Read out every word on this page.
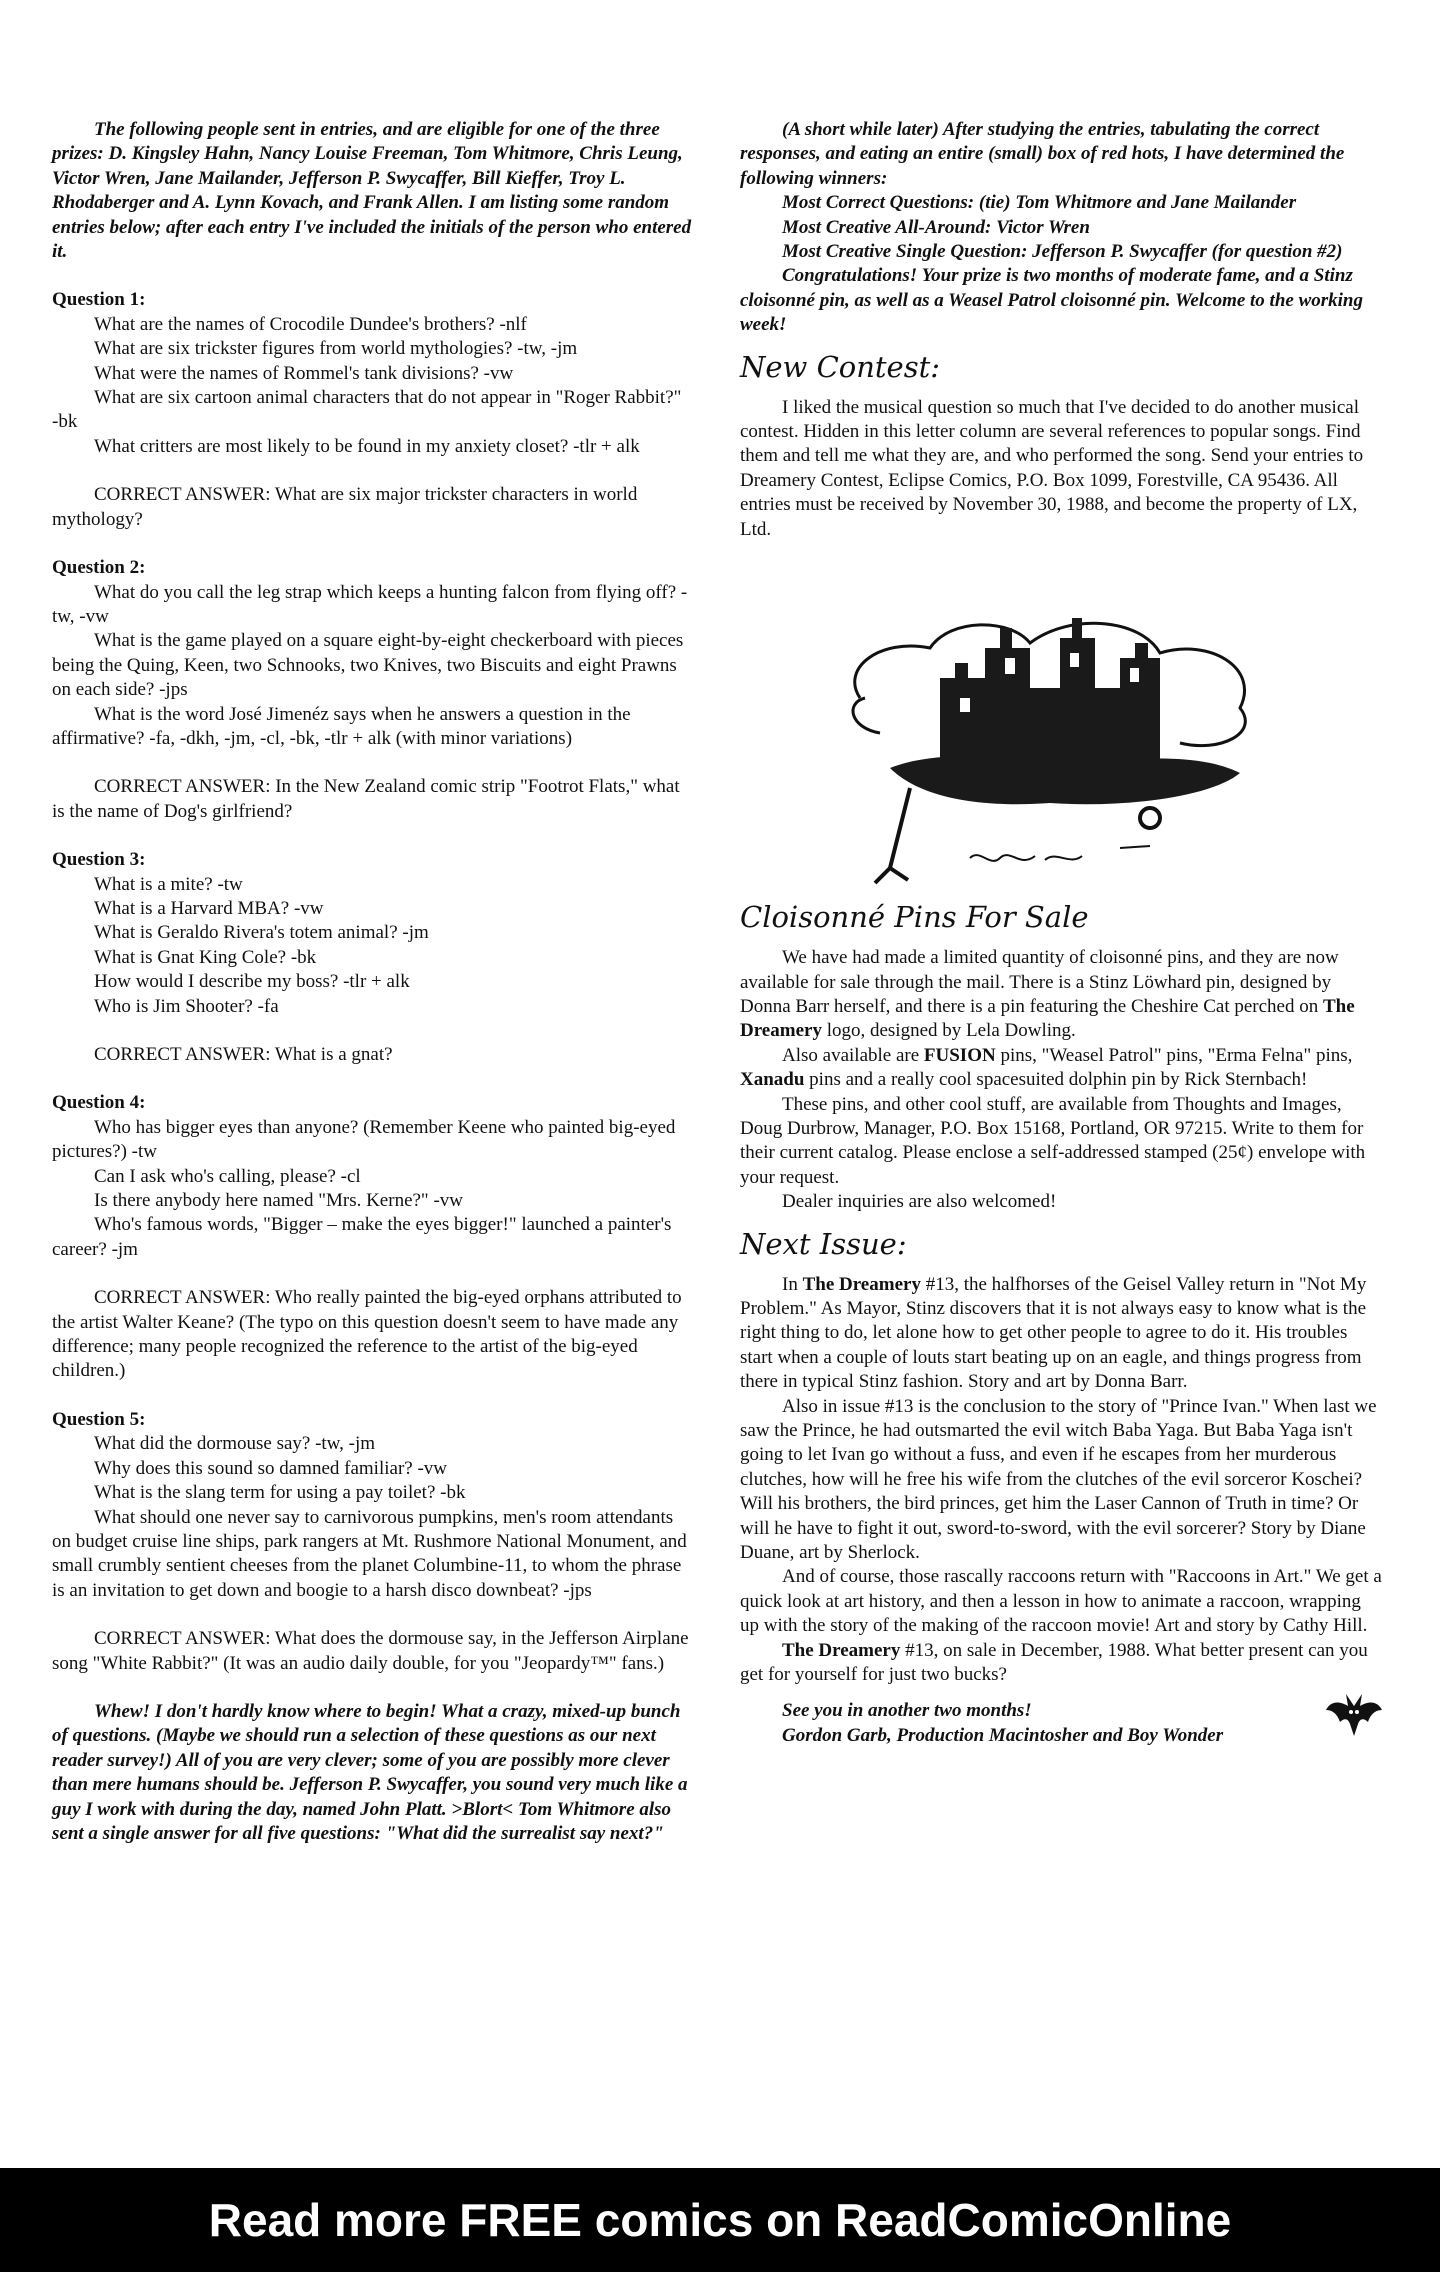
The following people sent in entries, and are eligible for one of the three prizes: D. Kingsley Hahn, Nancy Louise Freeman, Tom Whitmore, Chris Leung, Victor Wren, Jane Mailander, Jefferson P. Swycaffer, Bill Kieffer, Troy L. Rhodaberger and A. Lynn Kovach, and Frank Allen. I am listing some random entries below; after each entry I've included the initials of the person who entered it.

Question 1:

What are the names of Crocodile Dundee's brothers? -nlf

What are six trickster figures from world mythologies? -tw, -jm

What were the names of Rommel's tank divisions? -vw

What are six cartoon animal characters that do not appear in "Roger Rabbit?" -bk

What critters are most likely to be found in my anxiety closet? -tlr + alk

CORRECT ANSWER: What are six major trickster characters in world mythology?

Question 2:

What do you call the leg strap which keeps a hunting falcon from flying off? -tw, -vw

What is the game played on a square eight-by-eight checkerboard with pieces being the Quing, Keen, two Schnooks, two Knives, two Biscuits and eight Prawns on each side? -jps

What is the word José Jimenéz says when he answers a question in the affirmative? -fa, -dkh, -jm, -cl, -bk, -tlr + alk (with minor variations)

CORRECT ANSWER: In the New Zealand comic strip "Footrot Flats," what is the name of Dog's girlfriend?

Question 3:

What is a mite? -tw

What is a Harvard MBA? -vw

What is Geraldo Rivera's totem animal? -jm

What is Gnat King Cole? -bk

How would I describe my boss? -tlr + alk

Who is Jim Shooter? -fa

CORRECT ANSWER: What is a gnat?

Question 4:

Who has bigger eyes than anyone? (Remember Keene who painted big-eyed pictures?) -tw

Can I ask who's calling, please? -cl

Is there anybody here named "Mrs. Kerne?" -vw

Who's famous words, "Bigger – make the eyes bigger!" launched a painter's career? -jm

CORRECT ANSWER: Who really painted the big-eyed orphans attributed to the artist Walter Keane? (The typo on this question doesn't seem to have made any difference; many people recognized the reference to the artist of the big-eyed children.)

Question 5:

What did the dormouse say? -tw, -jm

Why does this sound so damned familiar? -vw

What is the slang term for using a pay toilet? -bk

What should one never say to carnivorous pumpkins, men's room attendants on budget cruise line ships, park rangers at Mt. Rushmore National Monument, and small crumbly sentient cheeses from the planet Columbine-11, to whom the phrase is an invitation to get down and boogie to a harsh disco downbeat? -jps

CORRECT ANSWER: What does the dormouse say, in the Jefferson Airplane song "White Rabbit?" (It was an audio daily double, for you "Jeopardy™" fans.)

Whew! I don't hardly know where to begin! What a crazy, mixed-up bunch of questions. (Maybe we should run a selection of these questions as our next reader survey!) All of you are very clever; some of you are possibly more clever than mere humans should be. Jefferson P. Swycaffer, you sound very much like a guy I work with during the day, named John Platt. >Blort< Tom Whitmore also sent a single answer for all five questions: "What did the surrealist say next?"

(A short while later) After studying the entries, tabulating the correct responses, and eating an entire (small) box of red hots, I have determined the following winners:

Most Correct Questions: (tie) Tom Whitmore and Jane Mailander

Most Creative All-Around: Victor Wren

Most Creative Single Question: Jefferson P. Swycaffer (for question #2)

Congratulations! Your prize is two months of moderate fame, and a Stinz cloisonné pin, as well as a Weasel Patrol cloisonné pin. Welcome to the working week!

New Contest:

I liked the musical question so much that I've decided to do another musical contest. Hidden in this letter column are several references to popular songs. Find them and tell me what they are, and who performed the song. Send your entries to Dreamery Contest, Eclipse Comics, P.O. Box 1099, Forestville, CA 95436. All entries must be received by November 30, 1988, and become the property of LX, Ltd.

Cloisonné Pins For Sale

We have had made a limited quantity of cloisonné pins, and they are now available for sale through the mail. There is a Stinz Löwhard pin, designed by Donna Barr herself, and there is a pin featuring the Cheshire Cat perched on The Dreamery logo, designed by Lela Dowling.

Also available are FUSION pins, "Weasel Patrol" pins, "Erma Felna" pins, Xanadu pins and a really cool spacesuited dolphin pin by Rick Sternbach!

These pins, and other cool stuff, are available from Thoughts and Images, Doug Durbrow, Manager, P.O. Box 15168, Portland, OR 97215. Write to them for their current catalog. Please enclose a self-addressed stamped (25¢) envelope with your request.

Dealer inquiries are also welcomed!

Next Issue:

In The Dreamery #13, the halfhorses of the Geisel Valley return in "Not My Problem." As Mayor, Stinz discovers that it is not always easy to know what is the right thing to do, let alone how to get other people to agree to do it. His troubles start when a couple of louts start beating up on an eagle, and things progress from there in typical Stinz fashion. Story and art by Donna Barr.

Also in issue #13 is the conclusion to the story of "Prince Ivan." When last we saw the Prince, he had outsmarted the evil witch Baba Yaga. But Baba Yaga isn't going to let Ivan go without a fuss, and even if he escapes from her murderous clutches, how will he free his wife from the clutches of the evil sorceror Koschei? Will his brothers, the bird princes, get him the Laser Cannon of Truth in time? Or will he have to fight it out, sword-to-sword, with the evil sorcerer? Story by Diane Duane, art by Sherlock.

And of course, those rascally raccoons return with "Raccoons in Art." We get a quick look at art history, and then a lesson in how to animate a raccoon, wrapping up with the story of the making of the raccoon movie! Art and story by Cathy Hill.

The Dreamery #13, on sale in December, 1988. What better present can you get for yourself for just two bucks?

See you in another two months!

Gordon Garb, Production Macintosher and Boy Wonder

Read more FREE comics on ReadComicOnline
